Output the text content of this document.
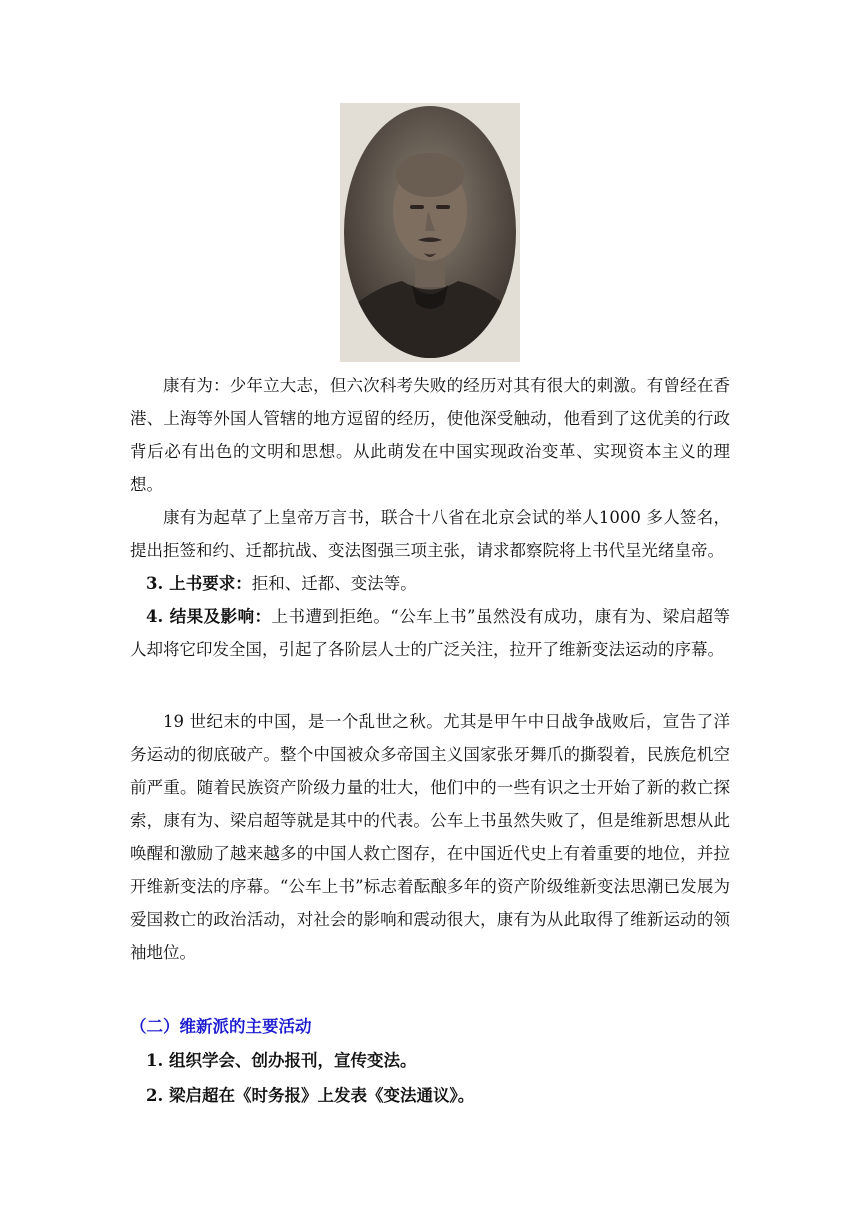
康有为：少年立大志，但六次科考失败的经历对其有很大的刺激。有曾经在香港、上海等外国人管辖的地方逗留的经历，使他深受触动，他看到了这优美的行政背后必有出色的文明和思想。从此萌发在中国实现政治变革、实现资本主义的理想。

康有为起草了上皇帝万言书，联合十八省在北京会试的举人1000 多人签名，提出拒签和约、迁都抗战、变法图强三项主张，请求都察院将上书代呈光绪皇帝。

3. 上书要求：拒和、迁都、变法等。

4. 结果及影响：上书遭到拒绝。“公车上书”虽然没有成功，康有为、梁启超等人却将它印发全国，引起了各阶层人士的广泛关注，拉开了维新变法运动的序幕。

19 世纪末的中国，是一个乱世之秋。尤其是甲午中日战争战败后，宣告了洋务运动的彻底破产。整个中国被众多帝国主义国家张牙舞爪的撕裂着，民族危机空前严重。随着民族资产阶级力量的壮大，他们中的一些有识之士开始了新的救亡探索，康有为、梁启超等就是其中的代表。公车上书虽然失败了，但是维新思想从此唤醒和激励了越来越多的中国人救亡图存，在中国近代史上有着重要的地位，并拉开维新变法的序幕。“公车上书”标志着酝酿多年的资产阶级维新变法思潮已发展为爱国救亡的政治活动，对社会的影响和震动很大，康有为从此取得了维新运动的领袖地位。

（二）维新派的主要活动

1. 组织学会、创办报刊，宣传变法。

2. 梁启超在《时务报》上发表《变法通议》。
